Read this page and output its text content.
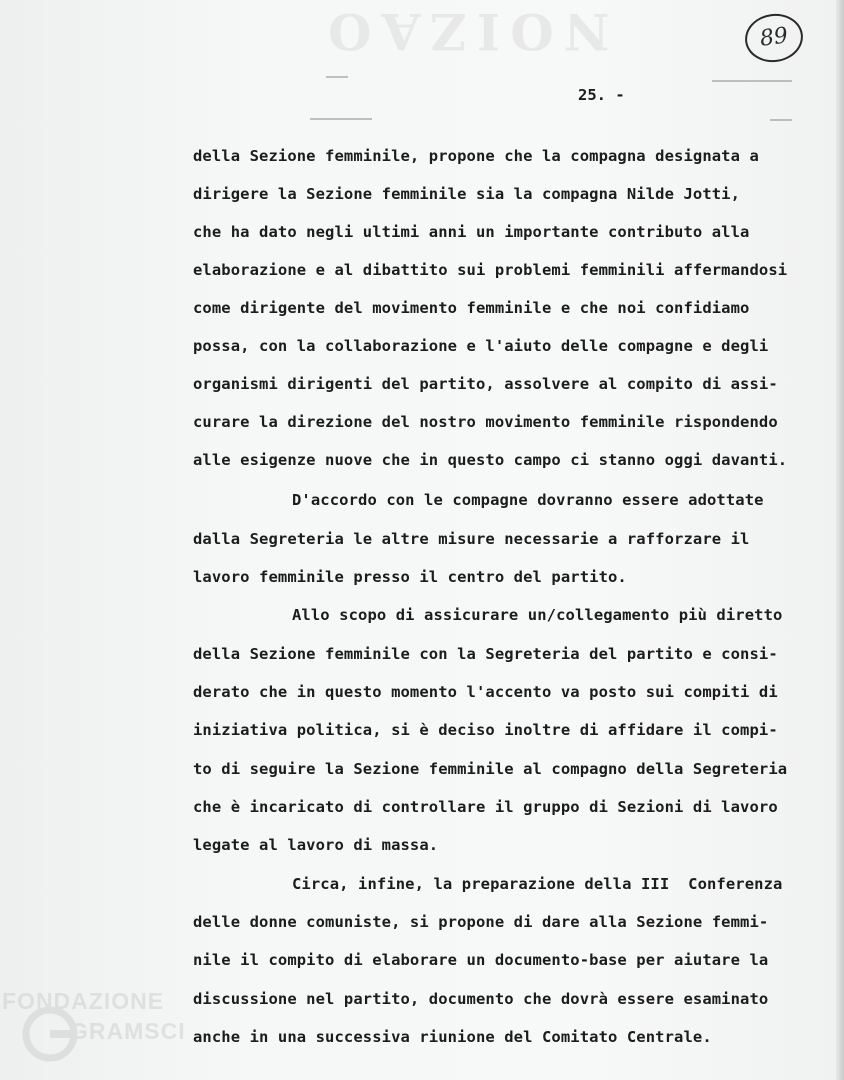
NOIZAO	89
25. -
della Sezione femminile, propone che la compagna designata a
dirigere la Sezione femminile sia la compagna Nilde Jotti,
che ha dato negli ultimi anni un importante contributo alla
elaborazione e al dibattito sui problemi femminili affermandosi
come dirigente del movimento femminile e che noi confidiamo
possa, con la collaborazione e l'aiuto delle compagne e degli
organismi dirigenti del partito, assolvere al compito di assi-
curare la direzione del nostro movimento femminile rispondendo
alle esigenze nuove che in questo campo ci stanno oggi davanti.
D'accordo con le compagne dovranno essere adottate
dalla Segreteria le altre misure necessarie a rafforzare il
lavoro femminile presso il centro del partito.
Allo scopo di assicurare un/collegamento più diretto
della Sezione femminile con la Segreteria del partito e consi-
derato che in questo momento l'accento va posto sui compiti di
iniziativa politica, si è deciso inoltre di affidare il compi-
to di seguire la Sezione femminile al compagno della Segreteria
che è incaricato di controllare il gruppo di Sezioni di lavoro
legate al lavoro di massa.
Circa, infine, la preparazione della III  Conferenza
delle donne comuniste, si propone di dare alla Sezione femmi-
nile il compito di elaborare un documento-base per aiutare la
discussione nel partito, documento che dovrà essere esaminato
anche in una successiva riunione del Comitato Centrale.
FONDAZIONE
GRAMSCI
